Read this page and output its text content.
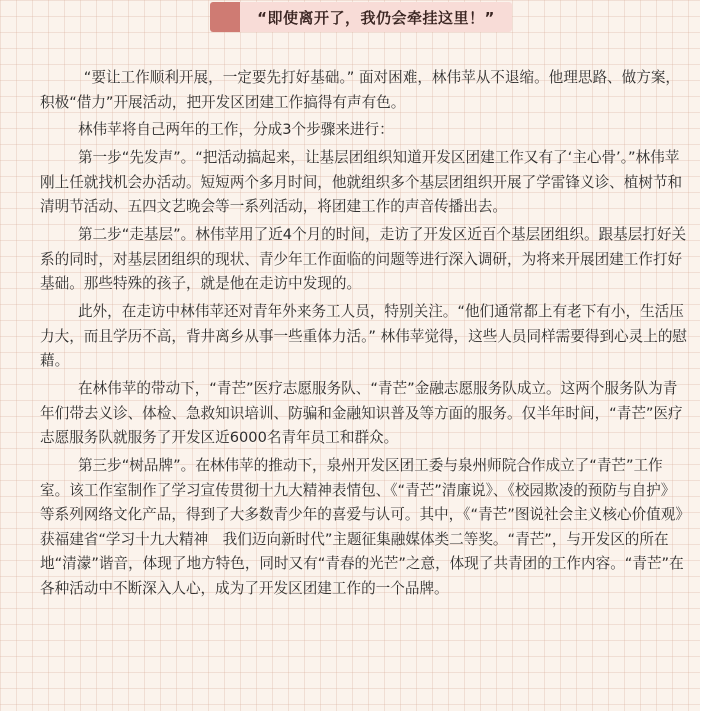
“即使离开了，我仍会牵挂这里！”

“要让工作顺利开展，一定要先打好基础。” 面对困难，林伟苹从不退缩。他理思路、做方案，积极“借力”开展活动，把开发区团建工作搞得有声有色。

林伟苹将自己两年的工作，分成3个步骤来进行：

第一步“先发声”。“把活动搞起来，让基层团组织知道开发区团建工作又有了‘主心骨’。”林伟苹刚上任就找机会办活动。短短两个多月时间，他就组织多个基层团组织开展了学雷锋义诊、植树节和清明节活动、五四文艺晚会等一系列活动，将团建工作的声音传播出去。

第二步“走基层”。林伟苹用了近4个月的时间，走访了开发区近百个基层团组织。跟基层打好关系的同时，对基层团组织的现状、青少年工作面临的问题等进行深入调研，为将来开展团建工作打好基础。那些特殊的孩子，就是他在走访中发现的。

此外，在走访中林伟苹还对青年外来务工人员，特别关注。“他们通常都上有老下有小，生活压力大，而且学历不高，背井离乡从事一些重体力活。” 林伟苹觉得，这些人员同样需要得到心灵上的慰藉。

在林伟苹的带动下，“青芒”医疗志愿服务队、“青芒”金融志愿服务队成立。这两个服务队为青年们带去义诊、体检、急救知识培训、防骗和金融知识普及等方面的服务。仅半年时间，“青芒”医疗志愿服务队就服务了开发区近6000名青年员工和群众。

第三步“树品牌”。在林伟苹的推动下，泉州开发区团工委与泉州师院合作成立了“青芒”工作室。该工作室制作了学习宣传贯彻十九大精神表情包、《“青芒”清廉说》、《校园欺凌的预防与自护》等系列网络文化产品，得到了大多数青少年的喜爱与认可。其中，《“青芒”图说社会主义核心价值观》获福建省“学习十九大精神　我们迈向新时代”主题征集融媒体类二等奖。“青芒”，与开发区的所在地“清濛”谐音，体现了地方特色，同时又有“青春的光芒”之意，体现了共青团的工作内容。“青芒”在各种活动中不断深入人心，成为了开发区团建工作的一个品牌。
